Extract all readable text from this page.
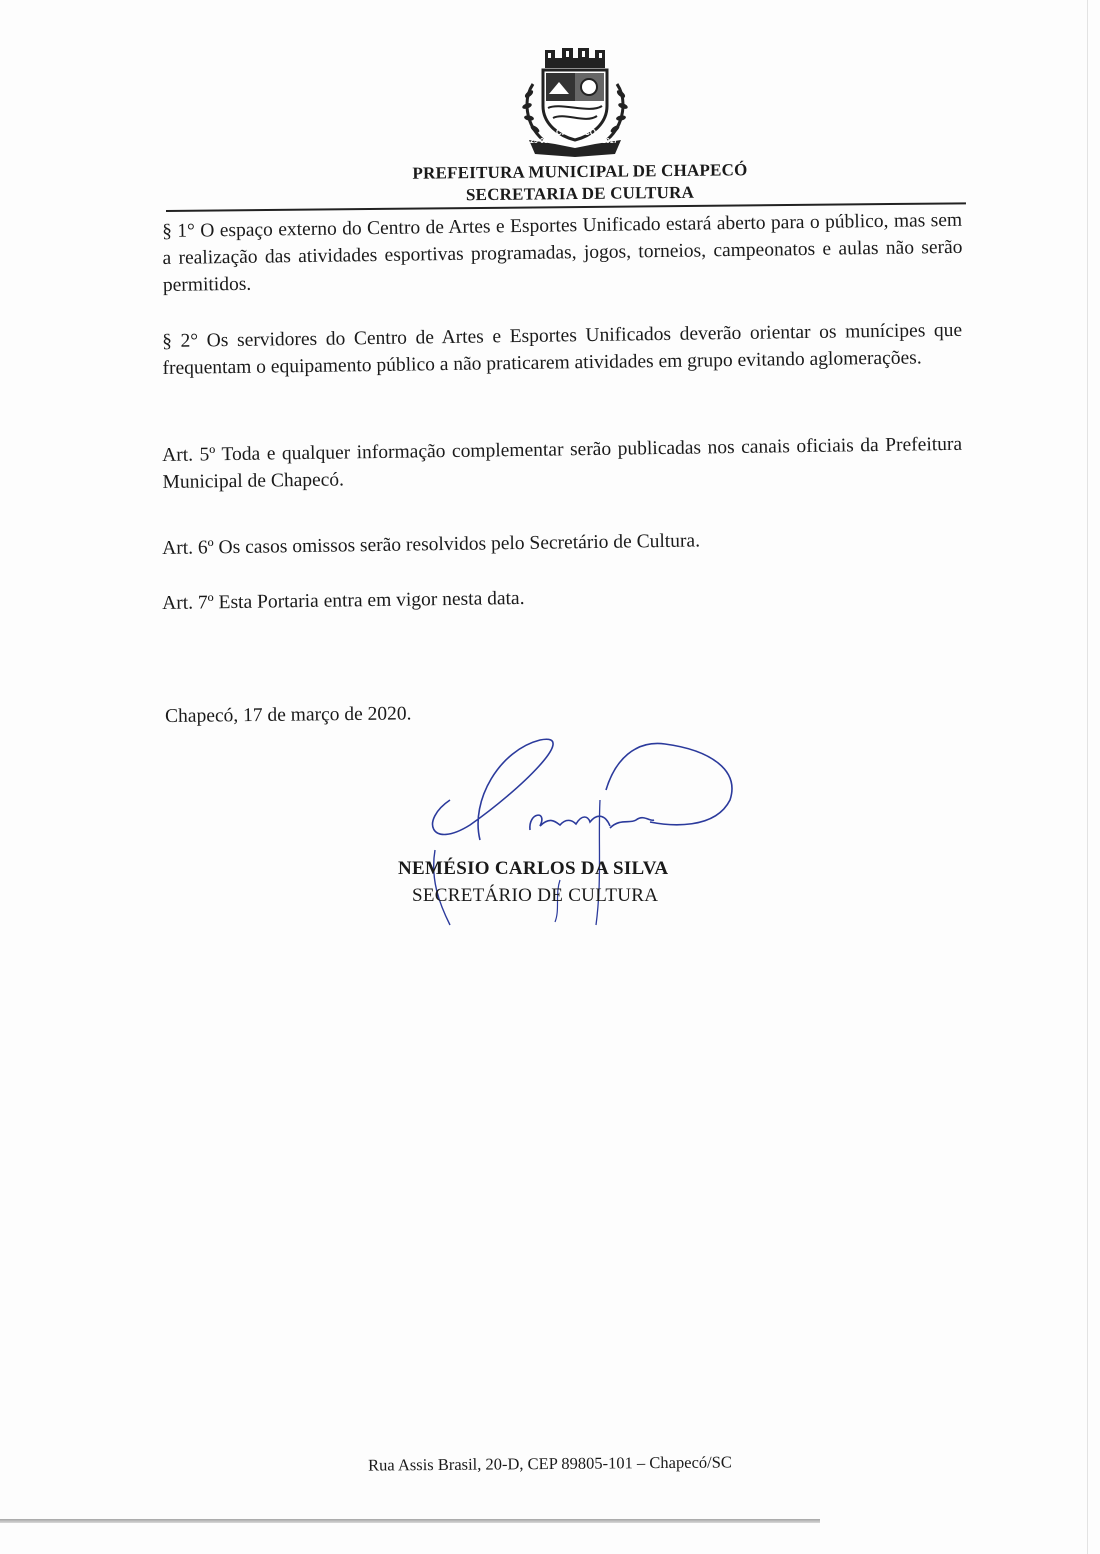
CHAPECÓ
25-08	1917
PREFEITURA MUNICIPAL DE CHAPECÓ
SECRETARIA DE CULTURA
§ 1° O espaço externo do Centro de Artes e Esportes Unificado estará aberto para o público, mas sem a realização das atividades esportivas programadas, jogos, torneios, campeonatos e aulas não serão permitidos.
§ 2° Os servidores do Centro de Artes e Esportes Unificados deverão orientar os munícipes que frequentam o equipamento público a não praticarem atividades em grupo evitando aglomerações.
Art. 5º Toda e qualquer informação complementar serão publicadas nos canais oficiais da Prefeitura Municipal de Chapecó.
Art. 6º Os casos omissos serão resolvidos pelo Secretário de Cultura.
Art. 7º Esta Portaria entra em vigor nesta data.
Chapecó, 17 de março de 2020.
NEMÉSIO CARLOS DA SILVA
SECRETÁRIO DE CULTURA
Rua Assis Brasil, 20-D, CEP 89805-101 – Chapecó/SC
